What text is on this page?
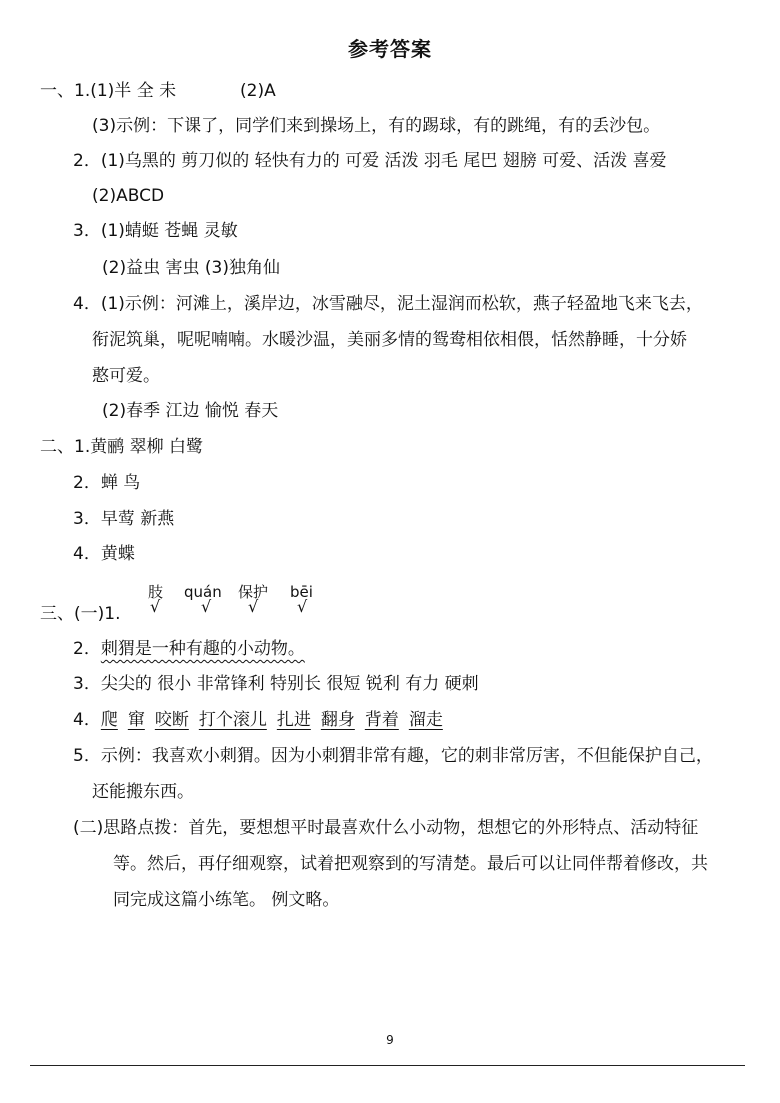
参考答案
一、1.(1)半 全 未	(2)A
(3)示例：下课了，同学们来到操场上，有的踢球，有的跳绳，有的丢沙包。
2．(1)乌黑的 剪刀似的 轻快有力的 可爱 活泼 羽毛 尾巴 翅膀 可爱、活泼 喜爱
(2)ABCD
3．(1)蜻蜓 苍蝇 灵敏
(2)益虫 害虫 (3)独角仙
4．(1)示例：河滩上，溪岸边，冰雪融尽，泥土湿润而松软，燕子轻盈地飞来飞去，
衔泥筑巢，呢呢喃喃。水暖沙温，美丽多情的鸳鸯相依相偎，恬然静睡，十分娇
憨可爱。
(2)春季 江边 愉悦 春天
二、1.黄鹂 翠柳 白鹭
2．蝉 鸟
3．早莺 新燕
4．黄蝶
肢 quán 保护 bēi
√	√ √ √
三、(一)1.
2．刺猬是一种有趣的小动物。
3．尖尖的 很小 非常锋利 特别长 很短 锐利 有力 硬刺
4．爬 窜 咬断 打个滚儿 扎进 翻身 背着 溜走
5．示例：我喜欢小刺猬。因为小刺猬非常有趣，它的刺非常厉害，不但能保护自己，
还能搬东西。
(二)思路点拨：首先，要想想平时最喜欢什么小动物，想想它的外形特点、活动特征
等。然后，再仔细观察，试着把观察到的写清楚。最后可以让同伴帮着修改，共
同完成这篇小练笔。 例文略。
9
